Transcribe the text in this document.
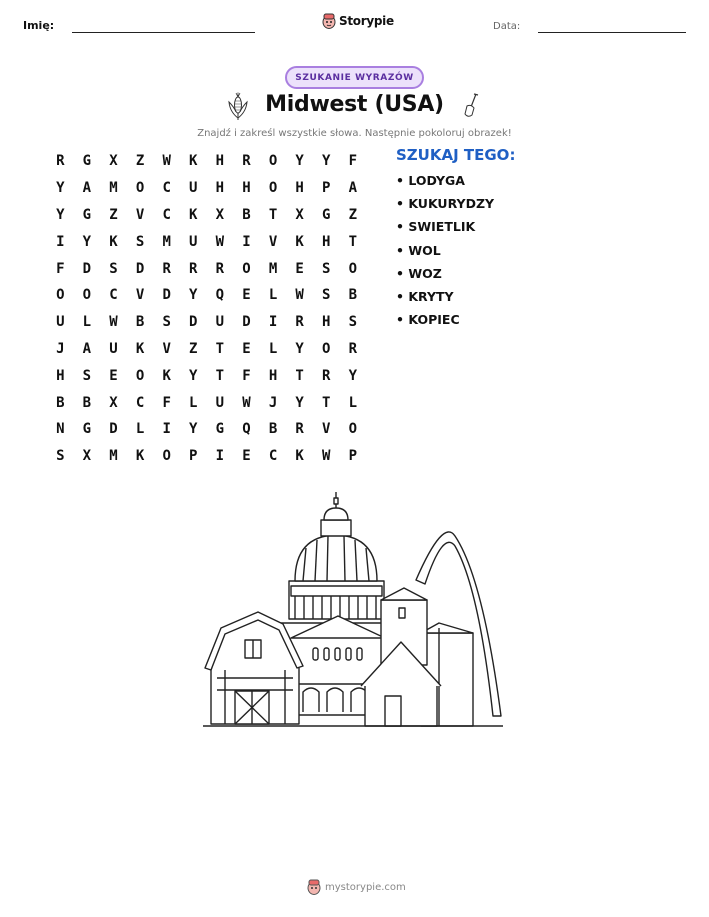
Imię:	Storypie	Data:
SZUKANIE WYRAZÓW
Midwest (USA)
Znajdź i zakreśl wszystkie słowa. Następnie pokoloruj obrazek!
R	G	X	Z	W	K	H	R	O	Y	Y	F
Y	A	M	O	C	U	H	H	O	H	P	A
Y	G	Z	V	C	K	X	B	T	X	G	Z
I	Y	K	S	M	U	W	I	V	K	H	T
F	D	S	D	R	R	R	O	M	E	S	O
O	O	C	V	D	Y	Q	E	L	W	S	B
U	L	W	B	S	D	U	D	I	R	H	S
J	A	U	K	V	Z	T	E	L	Y	O	R
H	S	E	O	K	Y	T	F	H	T	R	Y
B	B	X	C	F	L	U	W	J	Y	T	L
N	G	D	L	I	Y	G	Q	B	R	V	O
S	X	M	K	O	P	I	E	C	K	W	P
SZUKAJ TEGO:
• LODYGA
• KUKURYDZY
• SWIETLIK
• WOL
• WOZ
• KRYTY
• KOPIEC
mystorypie.com
